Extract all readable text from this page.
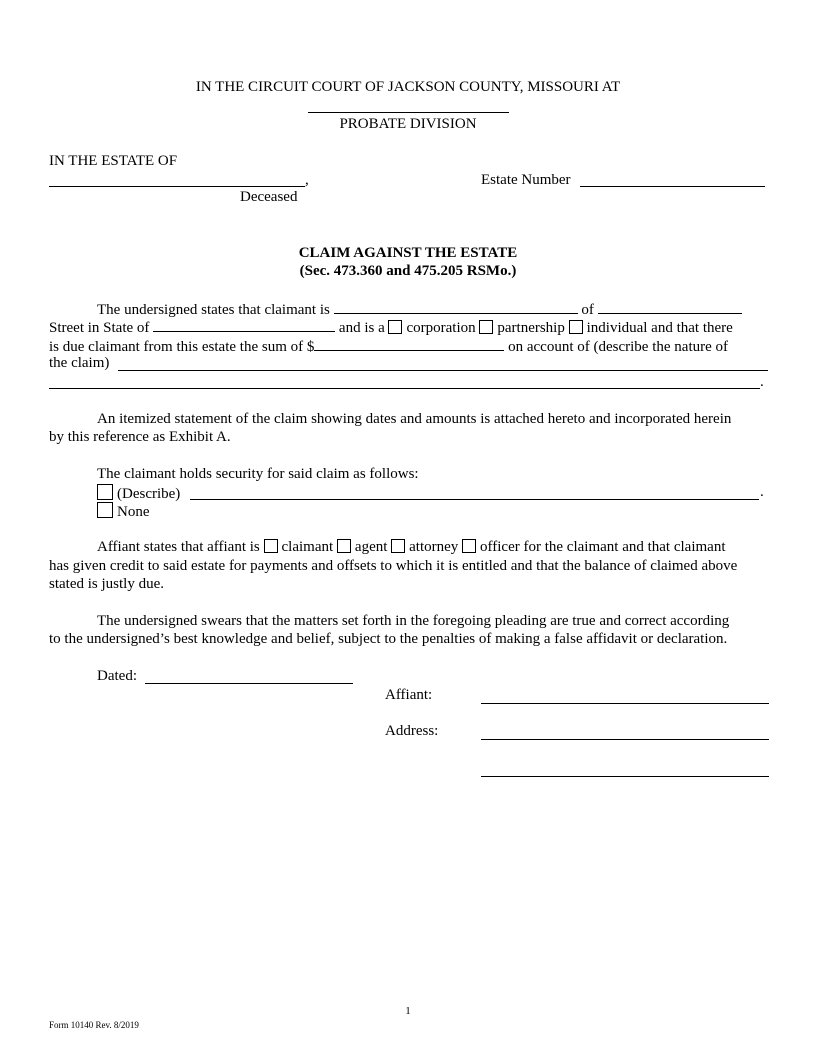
IN THE CIRCUIT COURT OF JACKSON COUNTY, MISSOURI AT
PROBATE DIVISION
IN THE ESTATE OF
,
Deceased
Estate Number
CLAIM AGAINST THE ESTATE
(Sec. 473.360 and 475.205 RSMo.)
The undersigned states that claimant is	of
Street in State of	and is a corporation partnership individual and that there
is due claimant from this estate the sum of $	on account of (describe the nature of
the claim)
.
An itemized statement of the claim showing dates and amounts is attached hereto and incorporated herein
by this reference as Exhibit A.
The claimant holds security for said claim as follows:
(Describe)	.
None
Affiant states that affiant is claimant agent attorney officer for the claimant and that claimant
has given credit to said estate for payments and offsets to which it is entitled and that the balance of claimed above
stated is justly due.
The undersigned swears that the matters set forth in the foregoing pleading are true and correct according
to the undersigned’s best knowledge and belief, subject to the penalties of making a false affidavit or declaration.
Dated:
Affiant:
Address:
1
Form 10140 Rev. 8/2019
